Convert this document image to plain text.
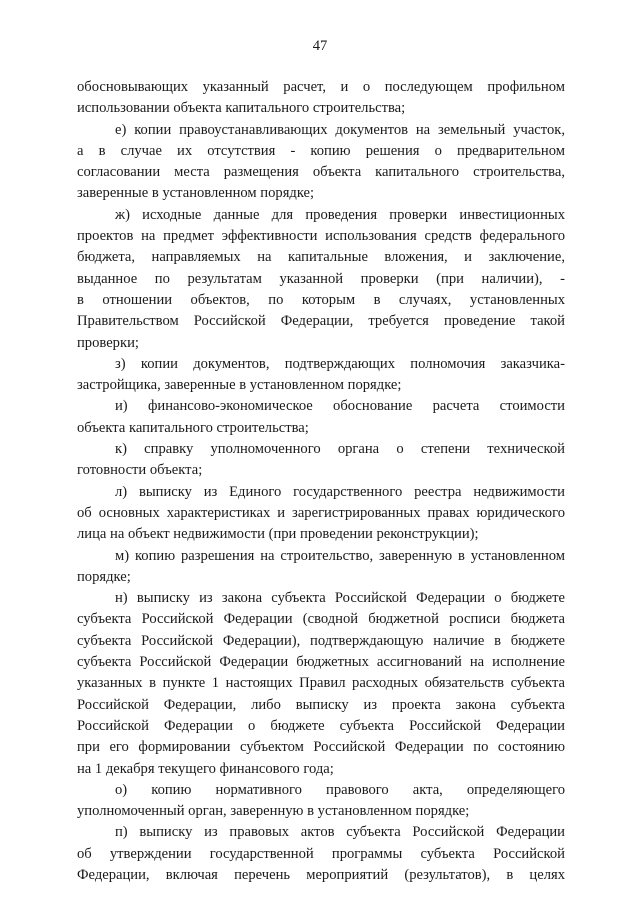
47
обосновывающих указанный расчет, и о последующем профильном
использовании объекта капитального строительства;
е) копии правоустанавливающих документов на земельный участок,
а в случае их отсутствия - копию решения о предварительном
согласовании места размещения объекта капитального строительства,
заверенные в установленном порядке;
ж) исходные данные для проведения проверки инвестиционных
проектов на предмет эффективности использования средств федерального
бюджета, направляемых на капитальные вложения, и заключение,
выданное по результатам указанной проверки (при наличии), -
в отношении объектов, по которым в случаях, установленных
Правительством Российской Федерации, требуется проведение такой
проверки;
з) копии документов, подтверждающих полномочия заказчика-
застройщика, заверенные в установленном порядке;
и) финансово-экономическое обоснование расчета стоимости
объекта капитального строительства;
к) справку уполномоченного органа о степени технической
готовности объекта;
л) выписку из Единого государственного реестра недвижимости
об основных характеристиках и зарегистрированных правах юридического
лица на объект недвижимости (при проведении реконструкции);
м) копию разрешения на строительство, заверенную в установленном
порядке;
н) выписку из закона субъекта Российской Федерации о бюджете
субъекта Российской Федерации (сводной бюджетной росписи бюджета
субъекта Российской Федерации), подтверждающую наличие в бюджете
субъекта Российской Федерации бюджетных ассигнований на исполнение
указанных в пункте 1 настоящих Правил расходных обязательств субъекта
Российской Федерации, либо выписку из проекта закона субъекта
Российской Федерации о бюджете субъекта Российской Федерации
при его формировании субъектом Российской Федерации по состоянию
на 1 декабря текущего финансового года;
о) копию нормативного правового акта, определяющего
уполномоченный орган, заверенную в установленном порядке;
п) выписку из правовых актов субъекта Российской Федерации
об утверждении государственной программы субъекта Российской
Федерации, включая перечень мероприятий (результатов), в целях
